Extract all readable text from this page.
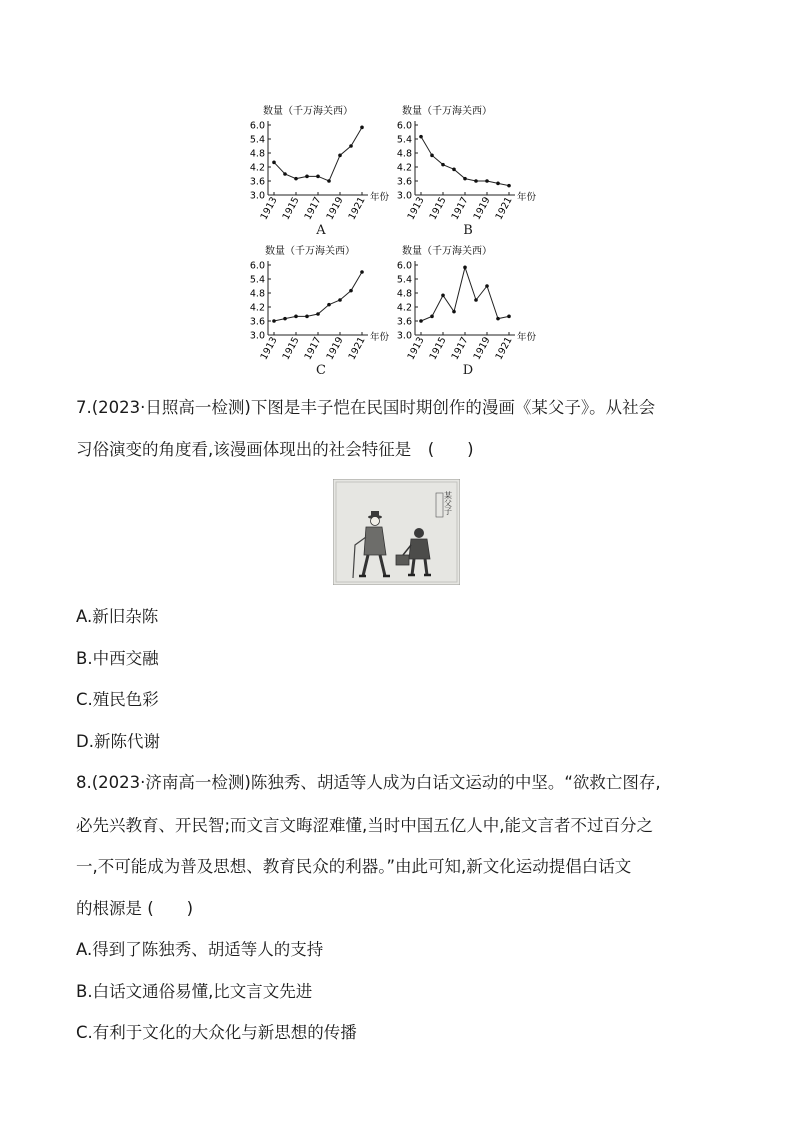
数量（千万海关西）
年份
6.0
5.4
4.8
4.2
3.6
3.0
1913 1915 1917 1919 1921
A
数量（千万海关西）
年份
6.0
5.4
4.8
4.2
3.6
3.0
1913 1915 1917 1919 1921
B
数量（千万海关西）
年份
6.0
5.4
4.8
4.2
3.6
3.0
1913 1915 1917 1919 1921
C
数量（千万海关西）
年份
6.0
5.4
4.8
4.2
3.6
3.0
1913 1915 1917 1919 1921
D
7.(2023·日照高一检测)下图是丰子恺在民国时期创作的漫画《某父子》。从社会
习俗演变的角度看,该漫画体现出的社会特征是　(　　)
某父子
A.新旧杂陈
B.中西交融
C.殖民色彩
D.新陈代谢
8.(2023·济南高一检测)陈独秀、胡适等人成为白话文运动的中坚。“欲救亡图存,
必先兴教育、开民智;而文言文晦涩难懂,当时中国五亿人中,能文言者不过百分之
一,不可能成为普及思想、教育民众的利器。”由此可知,新文化运动提倡白话文
的根源是 (　　)
A.得到了陈独秀、胡适等人的支持
B.白话文通俗易懂,比文言文先进
C.有利于文化的大众化与新思想的传播
